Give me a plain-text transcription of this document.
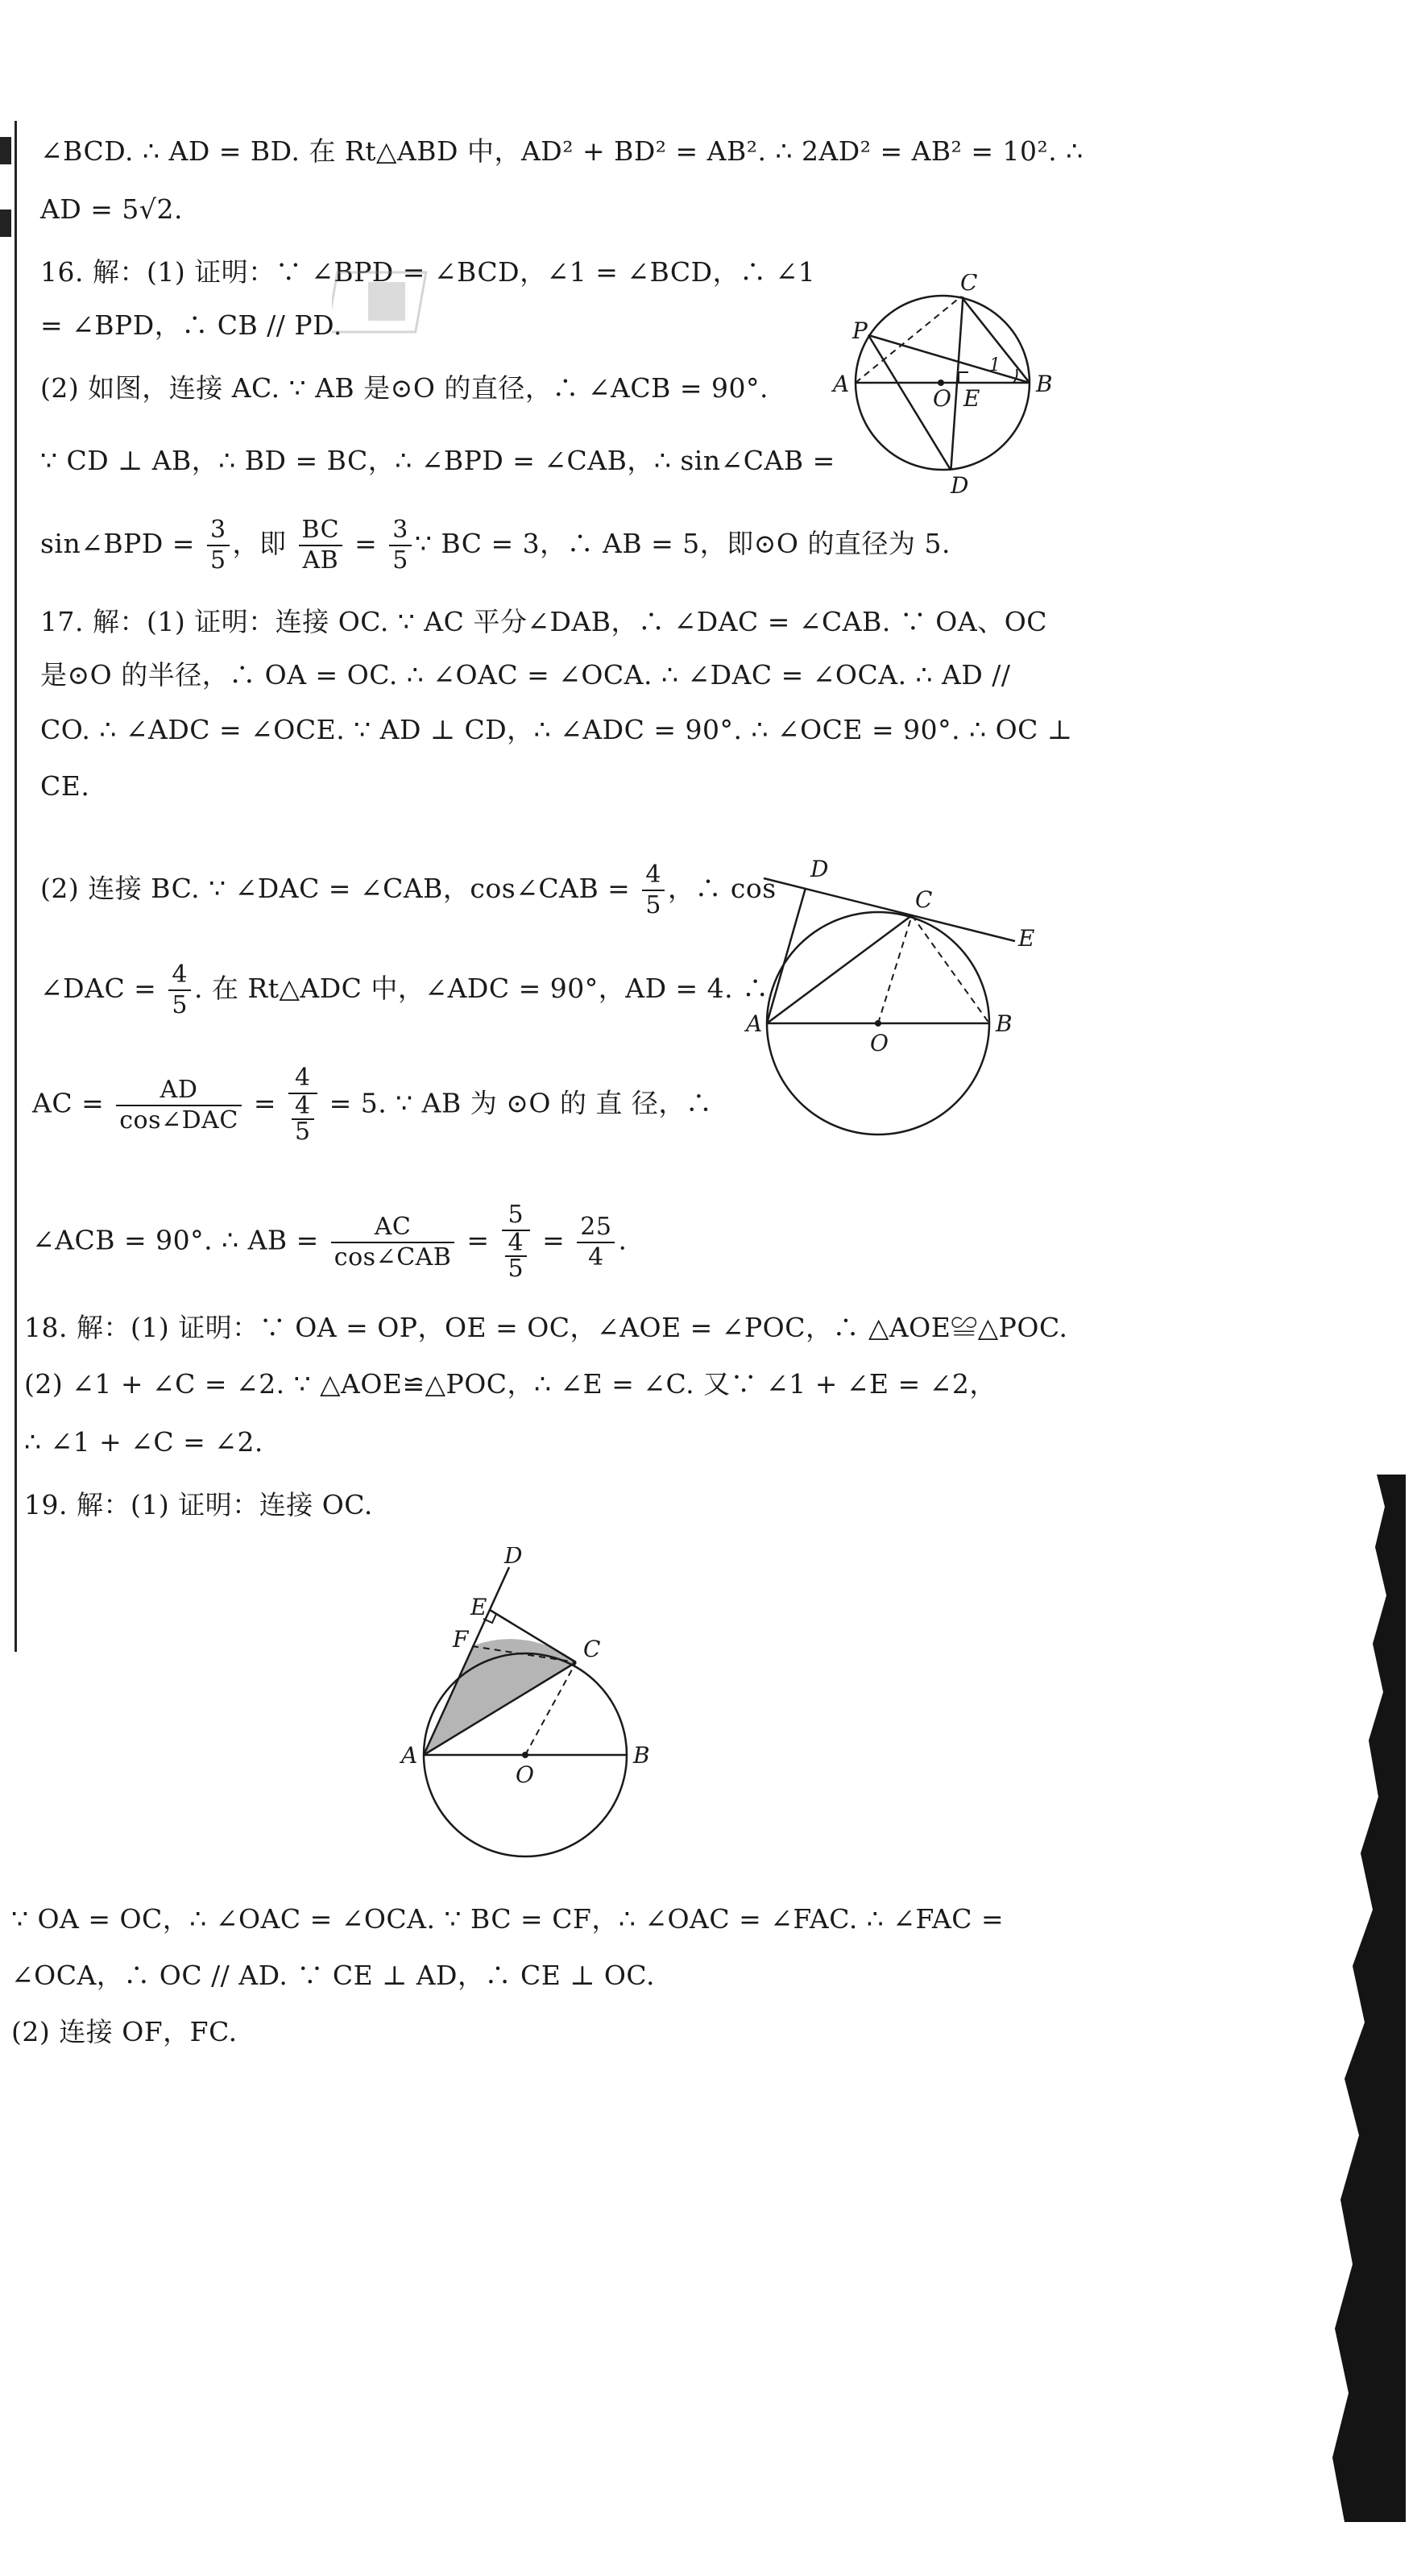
∠BCD. ∴ AD = BD. 在 Rt△ABD 中，AD² + BD² = AB². ∴ 2AD² = AB² = 10². ∴
AD = 5√2.
16. 解：(1) 证明：∵ ∠BPD = ∠BCD，∠1 = ∠BCD，∴ ∠1
= ∠BPD，∴ CB // PD.
(2) 如图，连接 AC. ∵ AB 是⊙O 的直径，∴ ∠ACB = 90°.
∵ CD ⊥ AB，∴ BD = BC，∴ ∠BPD = ∠CAB，∴ sin∠CAB =
sin∠BPD = $\frac{3}{5}$ ，即 $\frac{BC}{AB} = \frac{3}{5}$ ∵ BC = 3，∴ AB = 5，即⊙O 的直径为 5.
P
C
A
O E
B
D
1
17. 解：(1) 证明：连接 OC. ∵ AC 平分∠DAB，∴ ∠DAC = ∠CAB. ∵ OA、OC
是⊙O 的半径，∴ OA = OC. ∴ ∠OAC = ∠OCA. ∴ ∠DAC = ∠OCA. ∴ AD //
CO. ∴ ∠ADC = ∠OCE. ∵ AD ⊥ CD，∴ ∠ADC = 90°. ∴ ∠OCE = 90°. ∴ OC ⊥
CE.
(2) 连接 BC. ∵ ∠DAC = ∠CAB，cos∠CAB = $\frac{4}{5}$ ，∴ cos
∠DAC = $\frac{4}{5}$ . 在 Rt△ADC 中，∠ADC = 90°，AD = 4. ∴
AC = $\frac{AD}{\text{cos∠DAC}} = \frac{4}{\frac{4}{5}} = 5$. ∵ AB 为 ⊙O 的 直 径，∴
∠ACB = 90°. ∴ AB = $\frac{AC}{\text{cos∠CAB}} = \frac{5}{\frac{4}{5}} = \frac{25}{4}$ .
D
C
E
A
O
B
18. 解：(1) 证明：∵ OA = OP，OE = OC，∠AOE = ∠POC，∴ △AOE≌△POC.
(2) ∠1 + ∠C = ∠2. ∵ △AOE≌△POC，∴ ∠E = ∠C. 又∵ ∠1 + ∠E = ∠2，
∴ ∠1 + ∠C = ∠2.
19. 解：(1) 证明：连接 OC.
D
E
F	C
A
O
B
∵ OA = OC，∴ ∠OAC = ∠OCA. ∵ BC = CF，∴ ∠OAC = ∠FAC. ∴ ∠FAC =
∠OCA，∴ OC // AD. ∵ CE ⊥ AD，∴ CE ⊥ OC.
(2) 连接 OF，FC.
